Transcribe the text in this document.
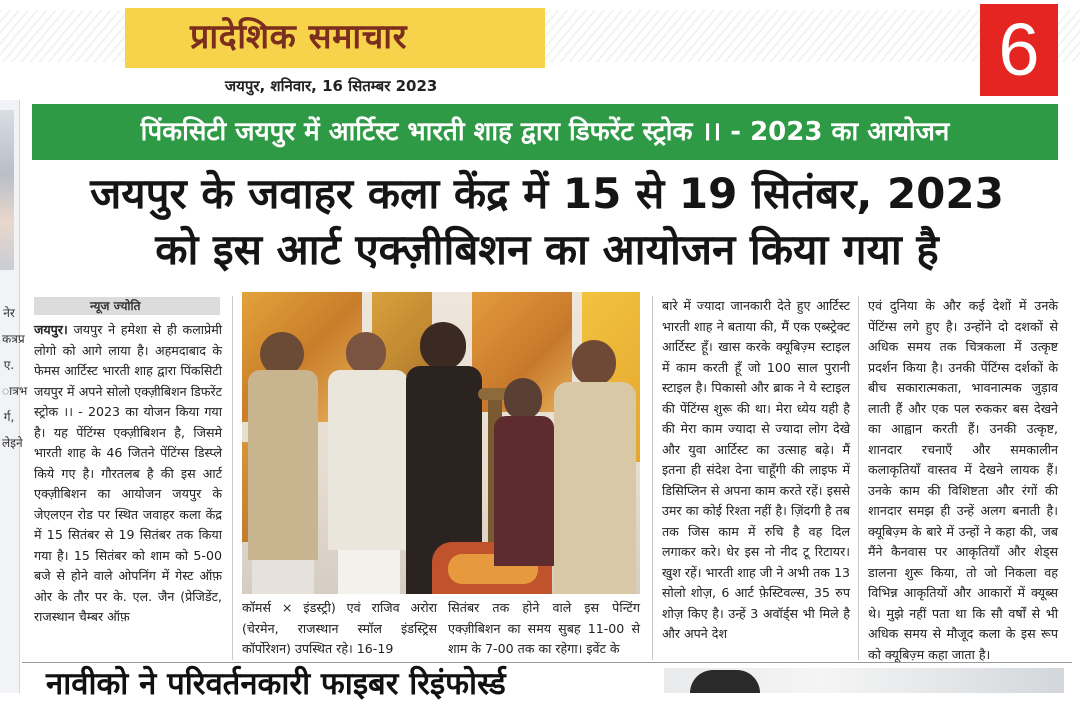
प्रादेशिक समाचार
जयपुर, शनिवार, 16 सितम्बर 2023	6
नेर कत्रप्र ए. ात्रभ र्ग, लेइने
पिंकसिटी जयपुर में आर्टिस्ट भारती शाह द्वारा डिफरेंट स्ट्रोक ।। - 2023 का आयोजन
जयपुर के जवाहर कला केंद्र में 15 से 19 सितंबर, 2023
को इस आर्ट एक्ज़ीबिशन का आयोजन किया गया है
न्यूज ज्योति
जयपुर। जयपुर ने हमेशा से ही कलाप्रेमी लोगो को आगे लाया है। अहमदाबाद के फेमस आर्टिस्ट भारती शाह द्वारा पिंकसिटी जयपुर में अपने सोलो एक्ज़ीबिशन डिफरेंट स्ट्रोक ।। - 2023 का योजन किया गया है। यह पेंटिंग्स एक्ज़ीबिशन है, जिसमे भारती शाह के 46 जितने पेंटिंग्स डिस्प्ले किये गए है। गौरतलब है की इस आर्ट एक्ज़ीबिशन का आयोजन जयपुर के जेएलएन रोड पर स्थित जवाहर कला केंद्र में 15 सितंबर से 19 सितंबर तक किया गया है। 15 सितंबर को शाम को 5-00 बजे से होने वाले ओपनिंग में गेस्ट ऑफ़ ओर के तौर पर के. एल. जैन (प्रेजिडेंट, राजस्थान चैम्बर ऑफ़
कॉमर्स × इंडस्ट्री) एवं राजिव अरोरा (चेरमेन, राजस्थान स्मॉल इंडस्ट्रिस कॉर्पोरेशन) उपस्थित रहे। 16-19
सितंबर तक होने वाले इस पेन्टिंग एक्ज़ीबिशन का समय सुबह 11-00 से शाम के 7-00 तक का रहेगा। इवेंट के
बारे में ज्यादा जानकारी देते हुए आर्टिस्ट भारती शाह ने बताया की, मैं एक एब्स्ट्रेक्ट आर्टिस्ट हूँ। खास करके क्यूबिज़्म स्टाइल में काम करती हूँ जो 100 साल पुरानी स्टाइल है। पिकासो और ब्राक ने ये स्टाइल की पेंटिंग्स शुरू की था। मेरा ध्येय यही है की मेरा काम ज्यादा से ज्यादा लोग देखे और युवा आर्टिस्ट का उत्साह बढ़े। मैं इतना ही संदेश देना चाहूँगी की लाइफ में डिसिप्लिन से अपना काम करते रहें। इससे उमर का कोई रिश्ता नहीं है। ज़िंदगी है तब तक जिस काम में रुचि है वह दिल लगाकर करे। धेर इस नो नीद टू रिटायर। खुश रहें। भारती शाह जी ने अभी तक 13 सोलो शोज़, 6 आर्ट फ़ेस्टिवल्स, 35 रुप शोज़ किए है। उन्हें 3 अवॉर्ड्स भी मिले है और अपने देश
एवं दुनिया के और कई देशों में उनके पेंटिंग्स लगे हुए है। उन्होंने दो दशकों से अधिक समय तक चित्रकला में उत्कृष्ट प्रदर्शन किया है। उनकी पेंटिंग्स दर्शकों के बीच सकारात्मकता, भावनात्मक जुड़ाव लाती हैं और एक पल रुककर बस देखने का आह्वान करती हैं। उनकी उत्कृष्ट, शानदार रचनाएँ और समकालीन कलाकृतियाँ वास्तव में देखने लायक हैं। उनके काम की विशिष्टता और रंगों की शानदार समझ ही उन्हें अलग बनाती है। क्यूबिज़्म के बारे में उन्हों ने कहा की, जब मैंने कैनवास पर आकृतियाँ और शेड्स डालना शुरू किया, तो जो निकला वह विभिन्न आकृतियों और आकारों में क्यूब्स थे। मुझे नहीं पता था कि सौ वर्षों से भी अधिक समय से मौजूद कला के इस रूप को क्यूबिज़्म कहा जाता है।
नावीको ने परिवर्तनकारी फाइबर रिइंफोर्स्ड
